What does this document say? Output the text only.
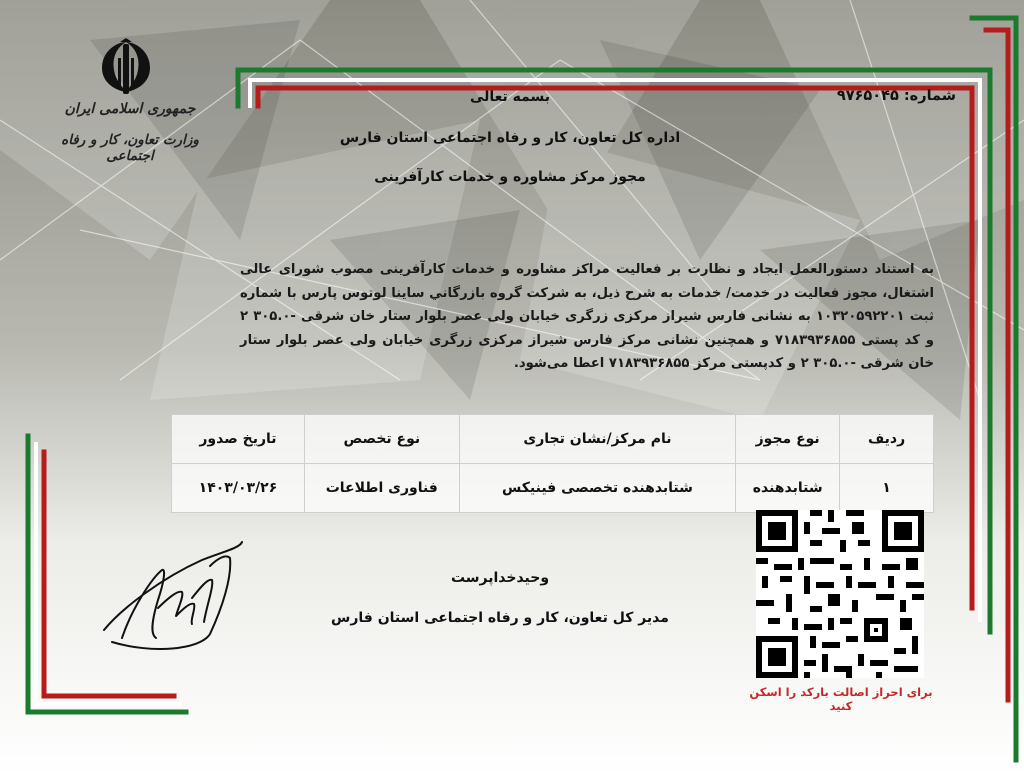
جمهوری اسلامی ایران
وزارت تعاون، کار و رفاه اجتماعی
شماره: ۹۷۶۵۰۴۵
بسمه تعالی
اداره کل تعاون، کار و رفاه اجتماعی استان فارس
مجوز مرکز مشاوره و خدمات کارآفرینی
به استناد دستورالعمل ایجاد و نظارت بر فعالیت مراکز مشاوره و خدمات کارآفرینی مصوب شورای عالی اشتغال، مجوز فعالیت در خدمت/ خدمات به شرح ذیل، به شرکت گروه بازرگاني ساينا لوتوس پارس با شماره ثبت ۱۰۳۲۰۵۹۲۲۰۱ به نشانی فارس شیراز مرکزی زرگری خیابان ولی عصر بلوار ستار خان شرقی -۳۰۵.۰ ۲ و کد پستی ۷۱۸۳۹۳۶۸۵۵ و همچنین نشانی مرکز فارس شیراز مرکزی زرگری خیابان ولی عصر بلوار ستار خان شرقی -۳۰۵.۰ ۲ و کدپستی مرکز ۷۱۸۳۹۳۶۸۵۵ اعطا می‌شود.
ردیف	نوع مجوز	نام مرکز/نشان تجاری	نوع تخصص	تاریخ صدور
۱	شتابدهنده	شتابدهنده تخصصی فینیکس	فناوری اطلاعات	۱۴۰۳/۰۳/۲۶
وحیدخداپرست
مدیر کل تعاون، کار و رفاه اجتماعی استان فارس
برای احراز اصالت بارکد را اسکن کنید
